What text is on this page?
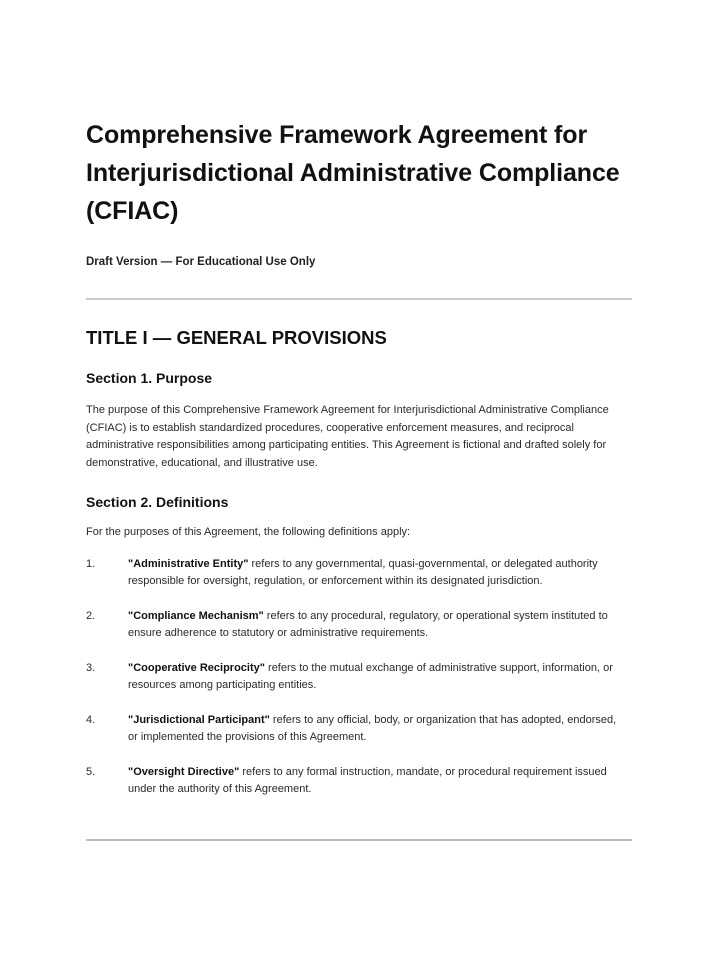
Comprehensive Framework Agreement for Interjurisdictional Administrative Compliance (CFIAC)

Draft Version — For Educational Use Only

TITLE I — GENERAL PROVISIONS
Section 1. Purpose

The purpose of this Comprehensive Framework Agreement for Interjurisdictional Administrative Compliance (CFIAC) is to establish standardized procedures, cooperative enforcement measures, and reciprocal administrative responsibilities among participating entities. This Agreement is fictional and drafted solely for demonstrative, educational, and illustrative use.

Section 2. Definitions

For the purposes of this Agreement, the following definitions apply:

1.	"Administrative Entity" refers to any governmental, quasi-governmental, or delegated authority responsible for oversight, regulation, or enforcement within its designated jurisdiction.
2.	"Compliance Mechanism" refers to any procedural, regulatory, or operational system instituted to ensure adherence to statutory or administrative requirements.
3.	"Cooperative Reciprocity" refers to the mutual exchange of administrative support, information, or resources among participating entities.
4.	"Jurisdictional Participant" refers to any official, body, or organization that has adopted, endorsed, or implemented the provisions of this Agreement.
5.	"Oversight Directive" refers to any formal instruction, mandate, or procedural requirement issued under the authority of this Agreement.
